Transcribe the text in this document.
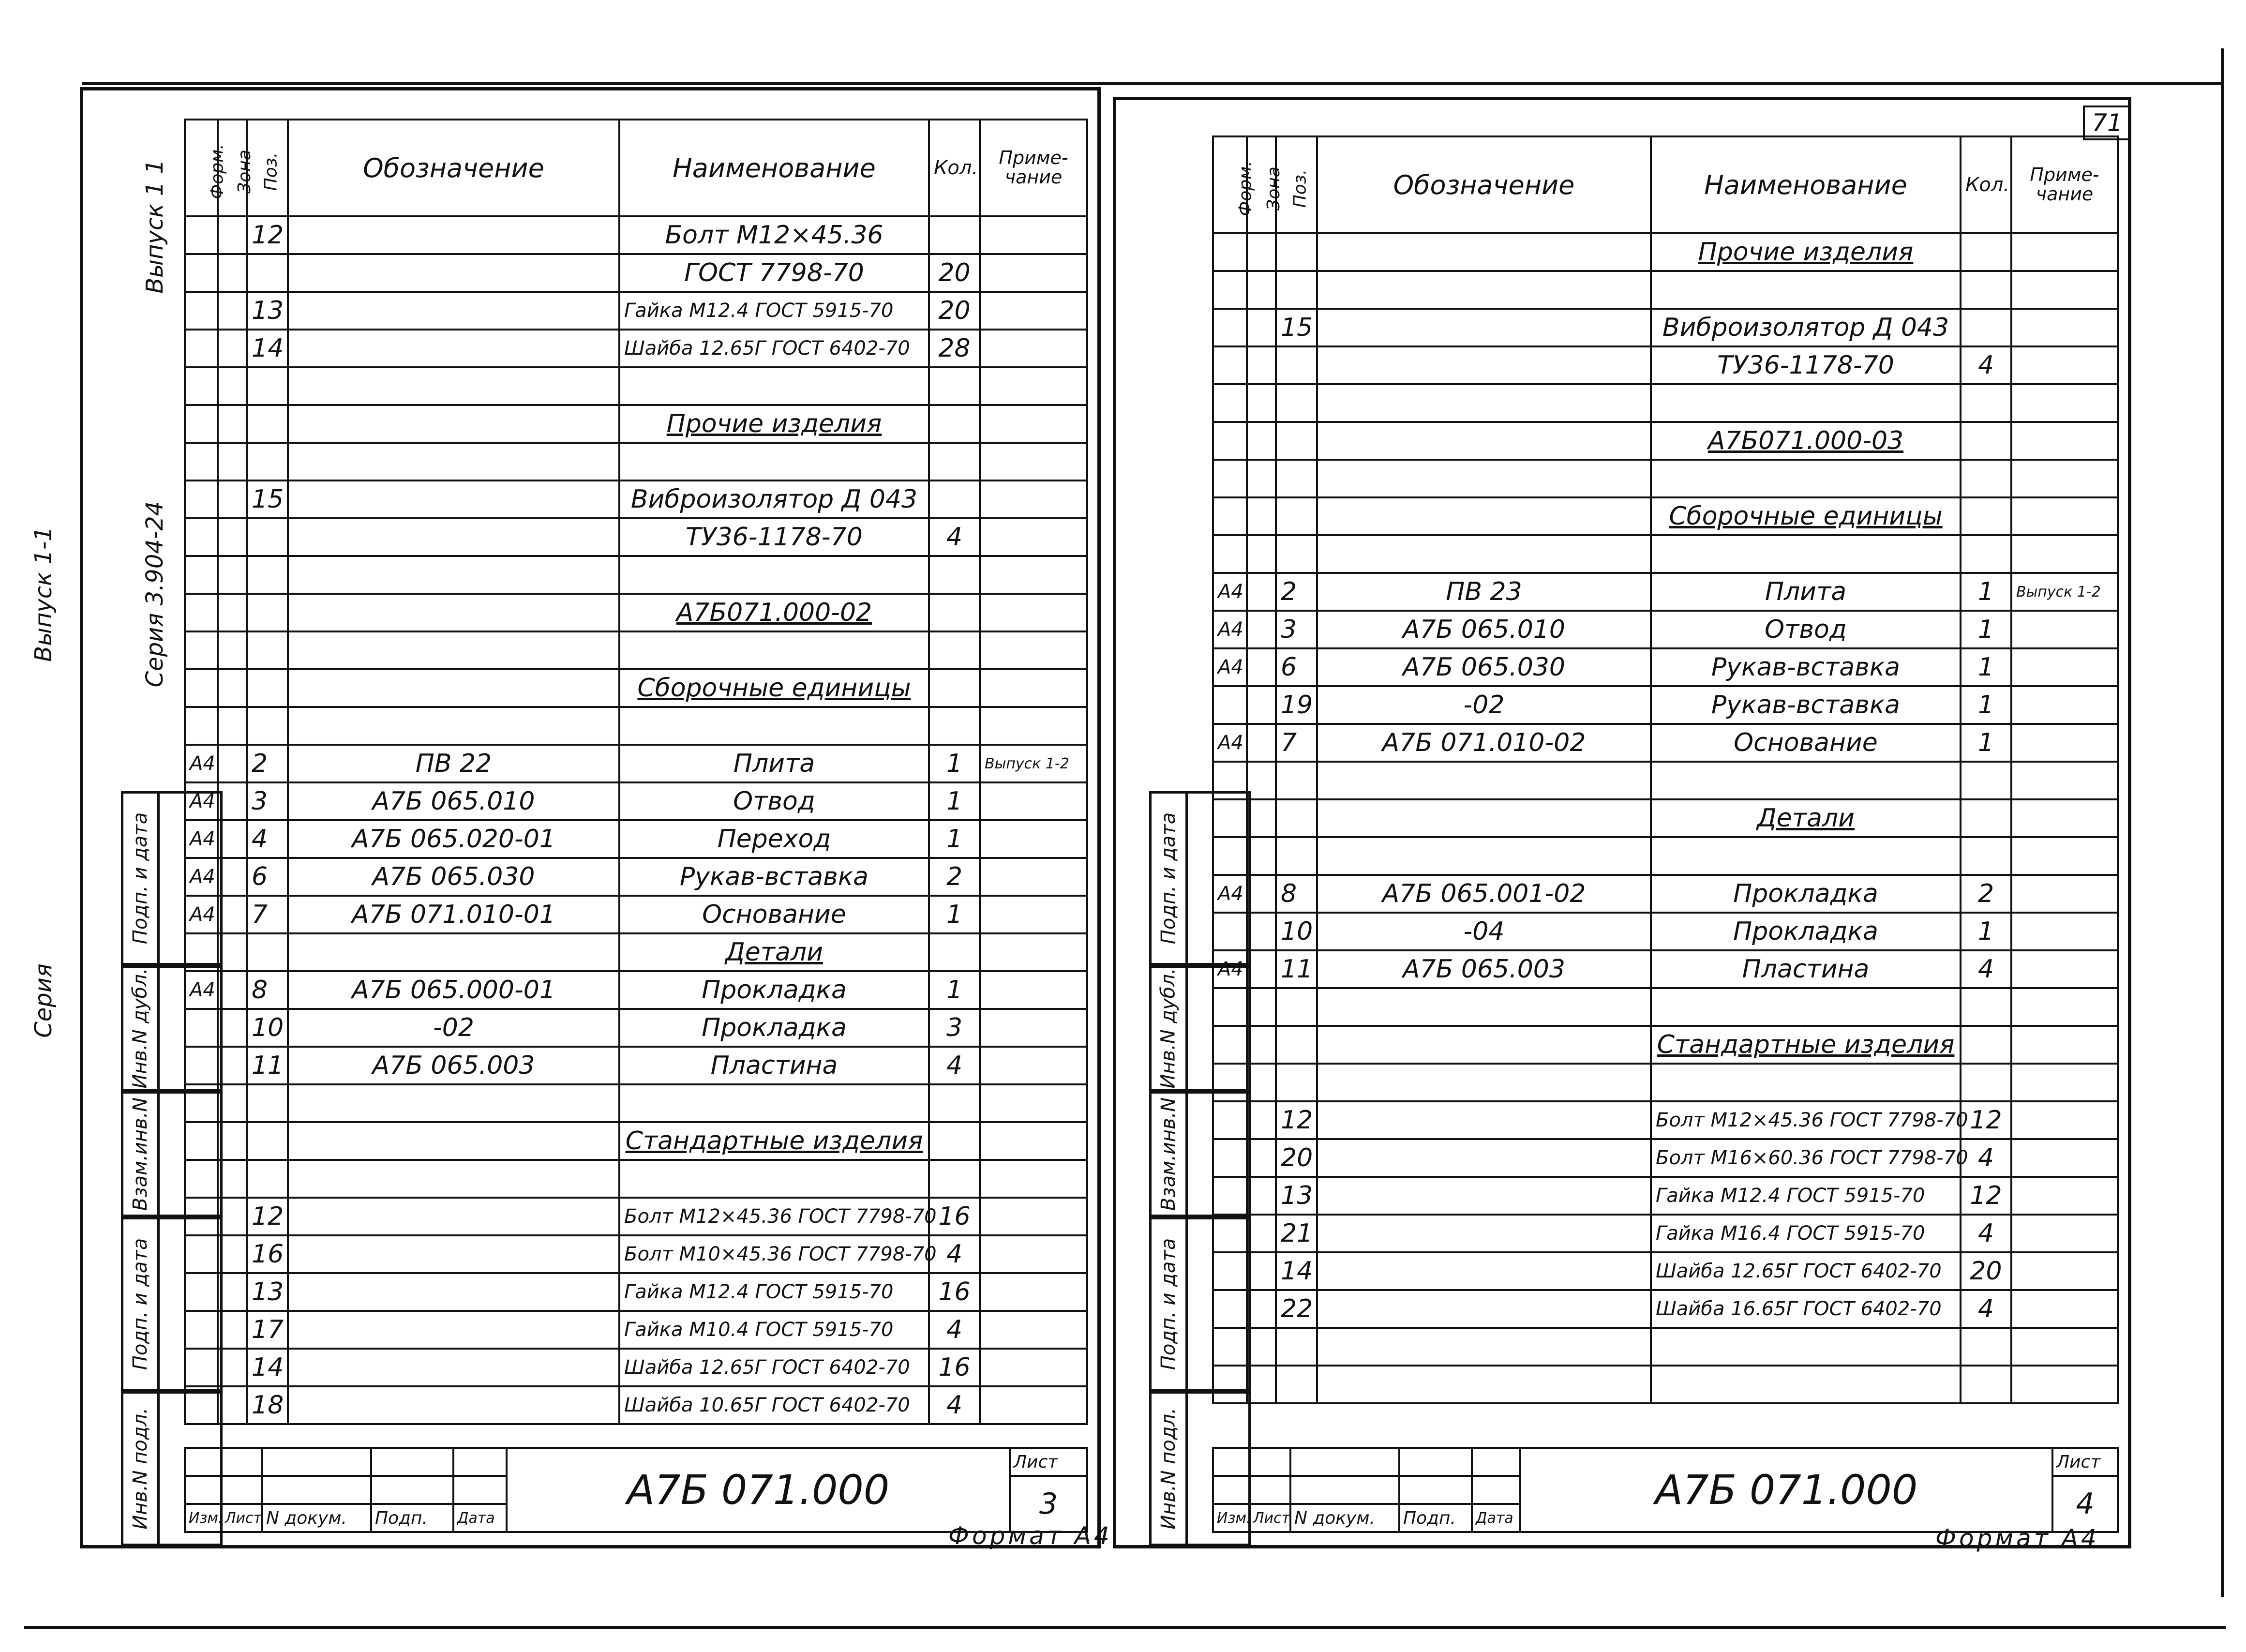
Серия
Выпуск 1-1
Выпуск 1 1
Серия 3.904-24
Инв.N подл.
Подп. и дата
Взам.инв.N
Инв.N дубл.
Подп. и дата
Форм.	Зона	Поз.	Обозначение	Наименование	Кол.	Приме-чание
		12		Болт М12×45.36		
				ГОСТ 7798-70	20	
		13		Гайка М12.4 ГОСТ 5915-70	20	
		14		Шайба 12.65Г ГОСТ 6402-70	28	

				Прочие изделия		

		15		Виброизолятор Д 043		
				ТУ36-1178-70	4	

				А7Б071.000-02		

				Сборочные единицы		

А4		2	ПВ 22	Плита	1	Выпуск 1-2
А4		3	А7Б 065.010	Отвод	1	
А4		4	А7Б 065.020-01	Переход	1	
А4		6	А7Б 065.030	Рукав-вставка	2	
А4		7	А7Б 071.010-01	Основание	1	
				Детали		
А4		8	А7Б 065.000-01	Прокладка	1	
		10	-02	Прокладка	3	
		11	А7Б 065.003	Пластина	4	

				Стандартные изделия		

		12		Болт М12×45.36 ГОСТ 7798-70	16	
		16		Болт М10×45.36 ГОСТ 7798-70	4	
		13		Гайка М12.4 ГОСТ 5915-70	16	
		17		Гайка М10.4 ГОСТ 5915-70	4	
		14		Шайба 12.65Г ГОСТ 6402-70	16	
		18		Шайба 10.65Г ГОСТ 6402-70	4	
					А7Б 071.000	Лист
						3
Изм.	Лист	N докум.	Подп.	Дата		
Формат А4
71
Инв.N подл.
Подп. и дата
Взам.инв.N
Инв.N дубл.
Подп. и дата
Форм.	Зона	Поз.	Обозначение	Наименование	Кол.	Приме-чание
				Прочие изделия		

		15		Виброизолятор Д 043		
				ТУ36-1178-70	4	

				А7Б071.000-03		

				Сборочные единицы		

А4		2	ПВ 23	Плита	1	Выпуск 1-2
А4		3	А7Б 065.010	Отвод	1	
А4		6	А7Б 065.030	Рукав-вставка	1	
		19	-02	Рукав-вставка	1	
А4		7	А7Б 071.010-02	Основание	1	

				Детали		

А4		8	А7Б 065.001-02	Прокладка	2	
		10	-04	Прокладка	1	
А4		11	А7Б 065.003	Пластина	4	

				Стандартные изделия		

		12		Болт М12×45.36 ГОСТ 7798-70	12	
		20		Болт М16×60.36 ГОСТ 7798-70	4	
		13		Гайка М12.4 ГОСТ 5915-70	12	
		21		Гайка М16.4 ГОСТ 5915-70	4	
		14		Шайба 12.65Г ГОСТ 6402-70	20	
		22		Шайба 16.65Г ГОСТ 6402-70	4	

					А7Б 071.000	Лист
						4
Изм.	Лист	N докум.	Подп.	Дата		
Формат А4
